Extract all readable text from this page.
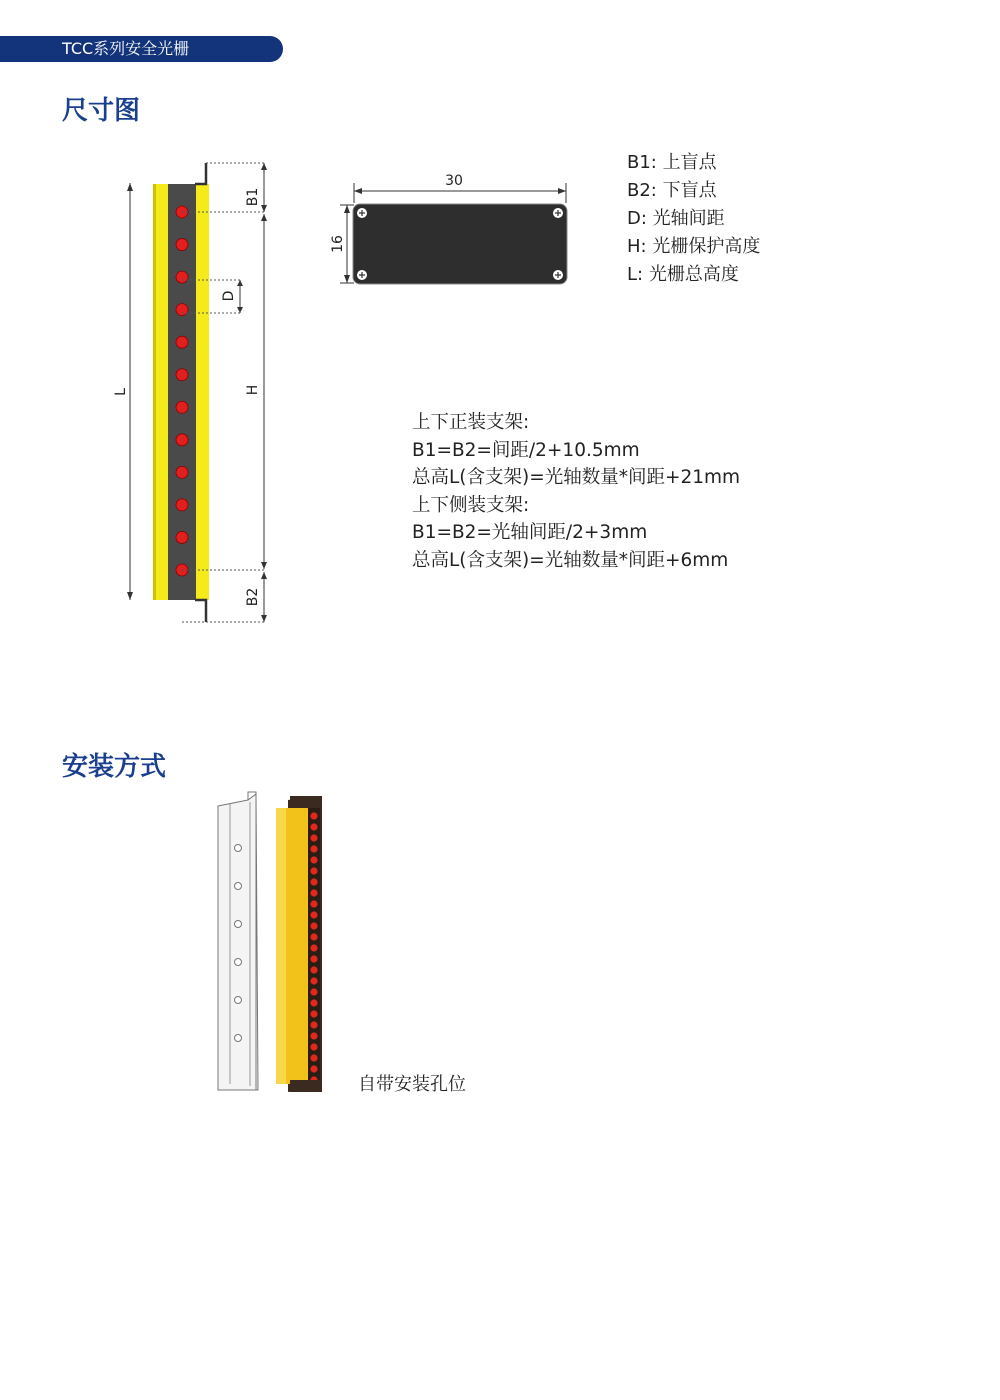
TCC系列安全光栅
尺寸图
L
B1
H
B2
D
30
16
B1: 上盲点
B2: 下盲点
D: 光轴间距
H: 光栅保护高度
L: 光栅总高度
上下正装支架:
B1=B2=间距/2+10.5mm
总高L(含支架)=光轴数量*间距+21mm
上下侧装支架:
B1=B2=光轴间距/2+3mm
总高L(含支架)=光轴数量*间距+6mm
安装方式
自带安装孔位
